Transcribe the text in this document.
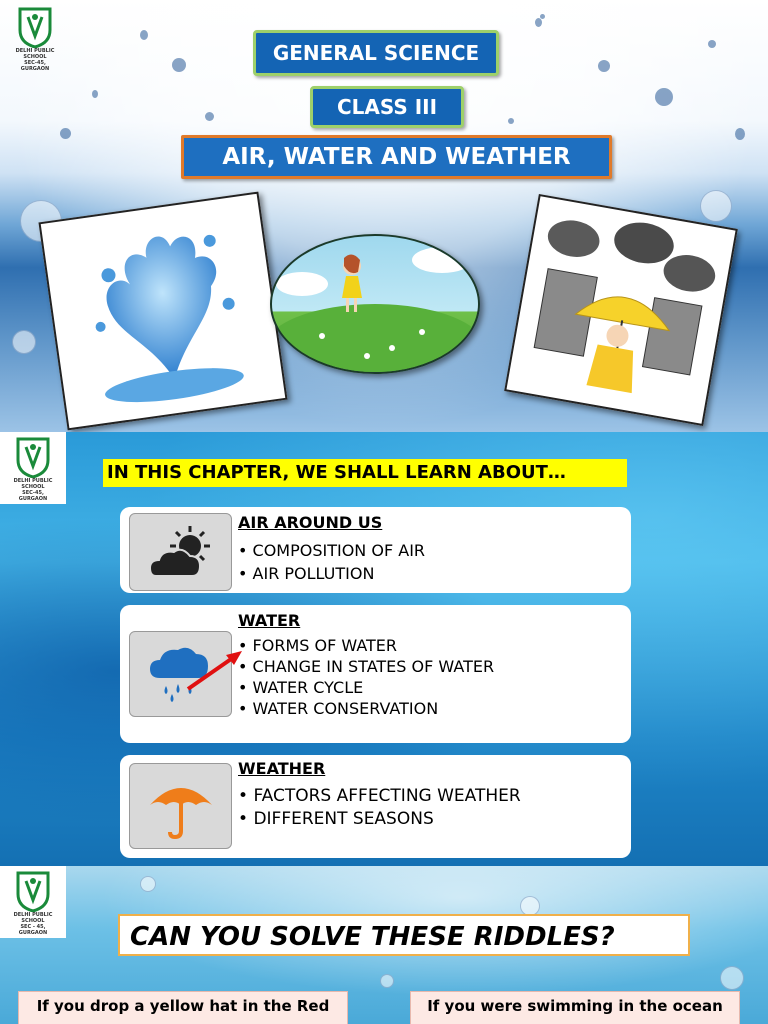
DELHI PUBLIC SCHOOL
SEC-45, GURGAON
GENERAL SCIENCE
CLASS III
AIR, WATER AND WEATHER
DELHI PUBLIC SCHOOL
SEC-45, GURGAON
IN THIS CHAPTER, WE SHALL LEARN ABOUT…
AIR AROUND US
• COMPOSITION OF AIR
• AIR POLLUTION
WATER
• FORMS OF WATER
• CHANGE IN STATES OF WATER
• WATER CYCLE
• WATER CONSERVATION
WEATHER
• FACTORS AFFECTING WEATHER
• DIFFERENT SEASONS
DELHI PUBLIC SCHOOL
SEC - 45, GURGAON	CAN YOU SOLVE THESE RIDDLES?
If you drop a yellow hat in the Red	If you were swimming in the ocean
